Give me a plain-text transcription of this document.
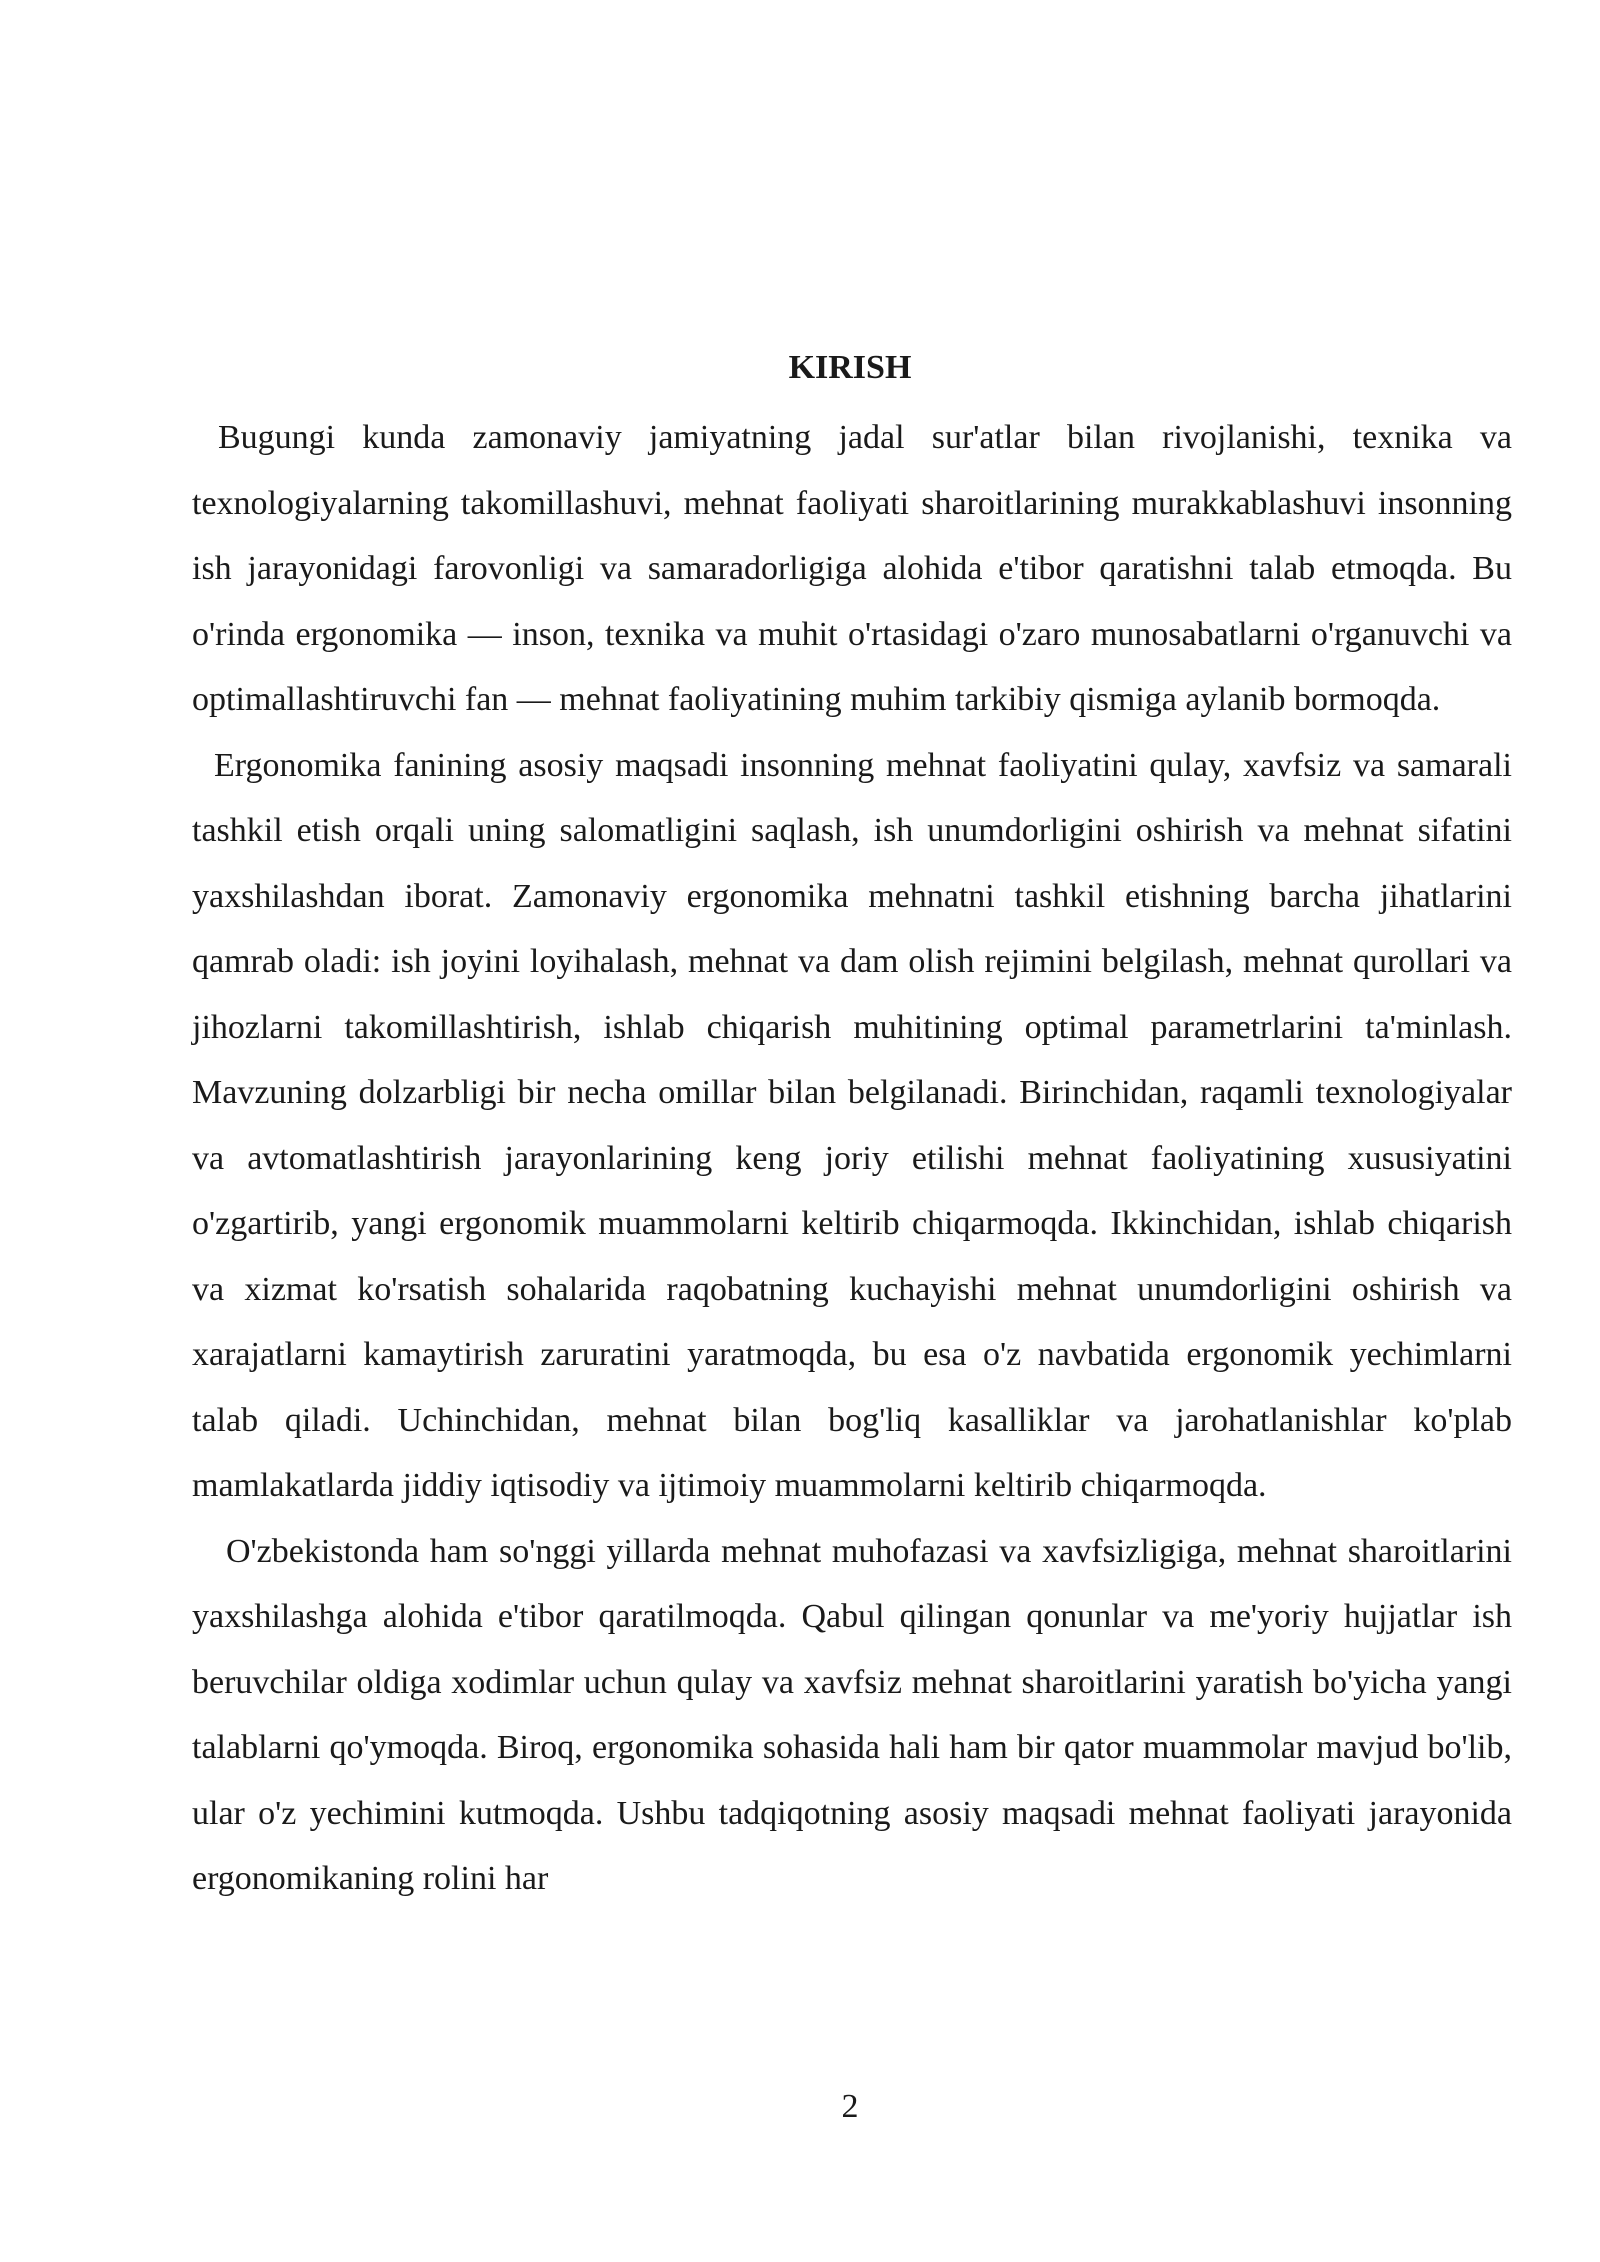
KIRISH

Bugungi kunda zamonaviy jamiyatning jadal sur'atlar bilan rivojlanishi, texnika va texnologiyalarning takomillashuvi, mehnat faoliyati sharoitlarining murakkablashuvi insonning ish jarayonidagi farovonligi va samaradorligiga alohida e'tibor qaratishni talab etmoqda. Bu o'rinda ergonomika — inson, texnika va muhit o'rtasidagi o'zaro munosabatlarni o'rganuvchi va optimallashtiruvchi fan — mehnat faoliyatining muhim tarkibiy qismiga aylanib bormoqda.

Ergonomika fanining asosiy maqsadi insonning mehnat faoliyatini qulay, xavfsiz va samarali tashkil etish orqali uning salomatligini saqlash, ish unumdorligini oshirish va mehnat sifatini yaxshilashdan iborat. Zamonaviy ergonomika mehnatni tashkil etishning barcha jihatlarini qamrab oladi: ish joyini loyihalash, mehnat va dam olish rejimini belgilash, mehnat qurollari va jihozlarni takomillashtirish, ishlab chiqarish muhitining optimal parametrlarini ta'minlash. Mavzuning dolzarbligi bir necha omillar bilan belgilanadi. Birinchidan, raqamli texnologiyalar va avtomatlashtirish jarayonlarining keng joriy etilishi mehnat faoliyatining xususiyatini o'zgartirib, yangi ergonomik muammolarni keltirib chiqarmoqda. Ikkinchidan, ishlab chiqarish va xizmat ko'rsatish sohalarida raqobatning kuchayishi mehnat unumdorligini oshirish va xarajatlarni kamaytirish zaruratini yaratmoqda, bu esa o'z navbatida ergonomik yechimlarni talab qiladi. Uchinchidan, mehnat bilan bog'liq kasalliklar va jarohatlanishlar ko'plab mamlakatlarda jiddiy iqtisodiy va ijtimoiy muammolarni keltirib chiqarmoqda.

O'zbekistonda ham so'nggi yillarda mehnat muhofazasi va xavfsizligiga, mehnat sharoitlarini yaxshilashga alohida e'tibor qaratilmoqda. Qabul qilingan qonunlar va me'yoriy hujjatlar ish beruvchilar oldiga xodimlar uchun qulay va xavfsiz mehnat sharoitlarini yaratish bo'yicha yangi talablarni qo'ymoqda. Biroq, ergonomika sohasida hali ham bir qator muammolar mavjud bo'lib, ular o'z yechimini kutmoqda. Ushbu tadqiqotning asosiy maqsadi mehnat faoliyati jarayonida ergonomikaning rolini har

2
